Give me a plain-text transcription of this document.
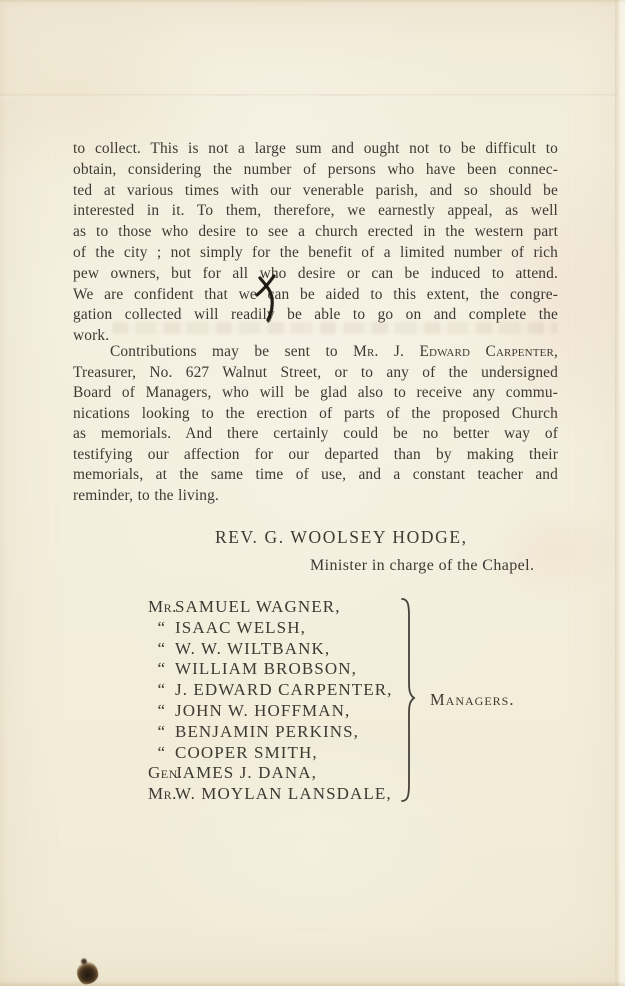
to collect. This is not a large sum and ought not to be difficult to
obtain, considering the number of persons who have been connec-
ted at various times with our venerable parish, and so should be
interested in it. To them, therefore, we earnestly appeal, as well
as to those who desire to see a church erected in the western part
of the city ; not simply for the benefit of a limited number of rich
pew owners, but for all who desire or can be induced to attend.
We are confident that we can be aided to this extent, the congre-
gation collected will readily be able to go on and complete the
work.
Contributions may be sent to Mr. J. Edward Carpenter,
Treasurer, No. 627 Walnut Street, or to any of the undersigned
Board of Managers, who will be glad also to receive any commu-
nications looking to the erection of parts of the proposed Church
as memorials. And there certainly could be no better way of
testifying our affection for our departed than by making their
memorials, at the same time of use, and a constant teacher and
reminder, to the living.
REV. G. WOOLSEY HODGE,
Minister in charge of the Chapel.
Mr.SAMUEL WAGNER,
“ ISAAC WELSH,
“ W. W. WILTBANK,
“ WILLIAM BROBSON,
“ J. EDWARD CARPENTER,
“ JOHN W. HOFFMAN,
“ BENJAMIN PERKINS,
“ COOPER SMITH,
Gen.JAMES J. DANA,
Mr.W. MOYLAN LANSDALE,
Managers.
